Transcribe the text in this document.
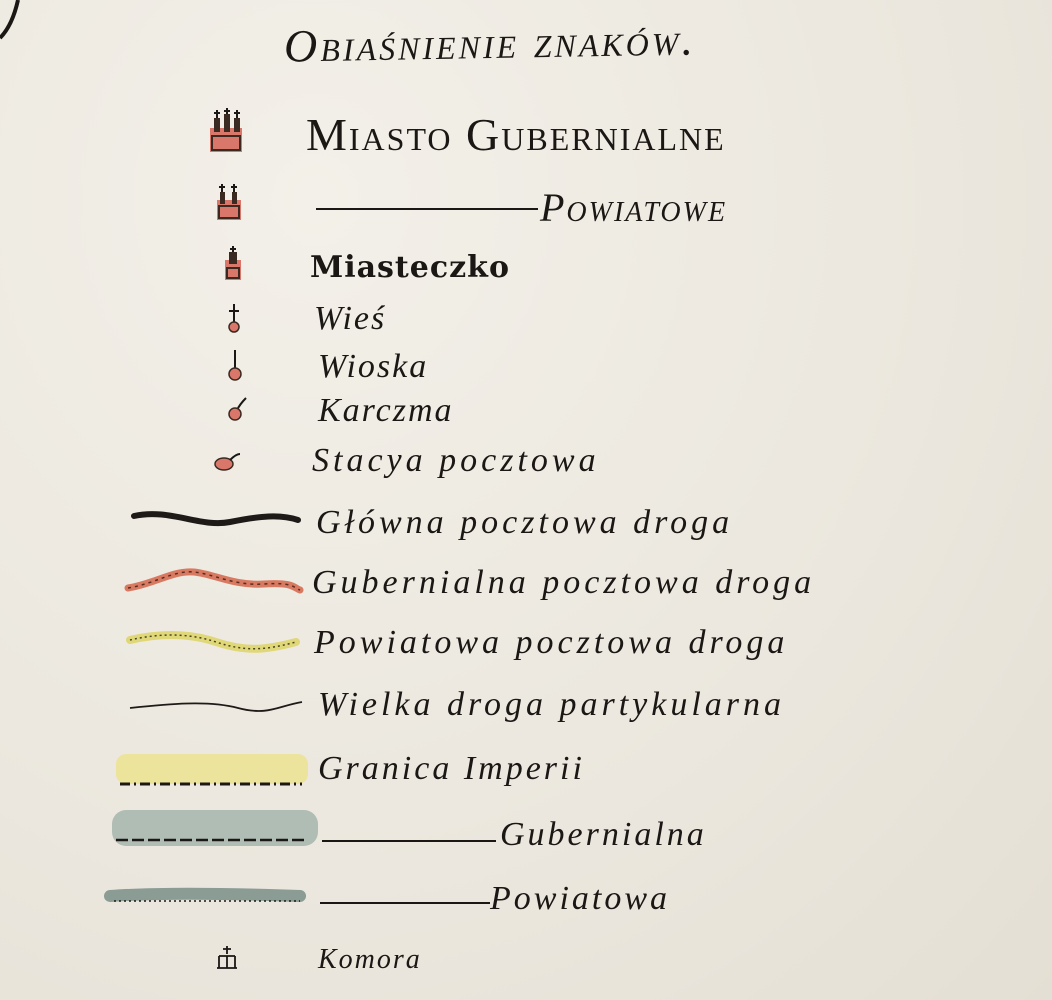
Obiaśnienie znaków.
Miasto Gubernialne
Powiatowe
Miasteczko
Wieś
Wioska
Karczma
Stacya pocztowa
Główna pocztowa droga
Gubernialna pocztowa droga
Powiatowa pocztowa droga
Wielka droga partykularna
Granica Imperii
Gubernialna
Powiatowa
Komora
